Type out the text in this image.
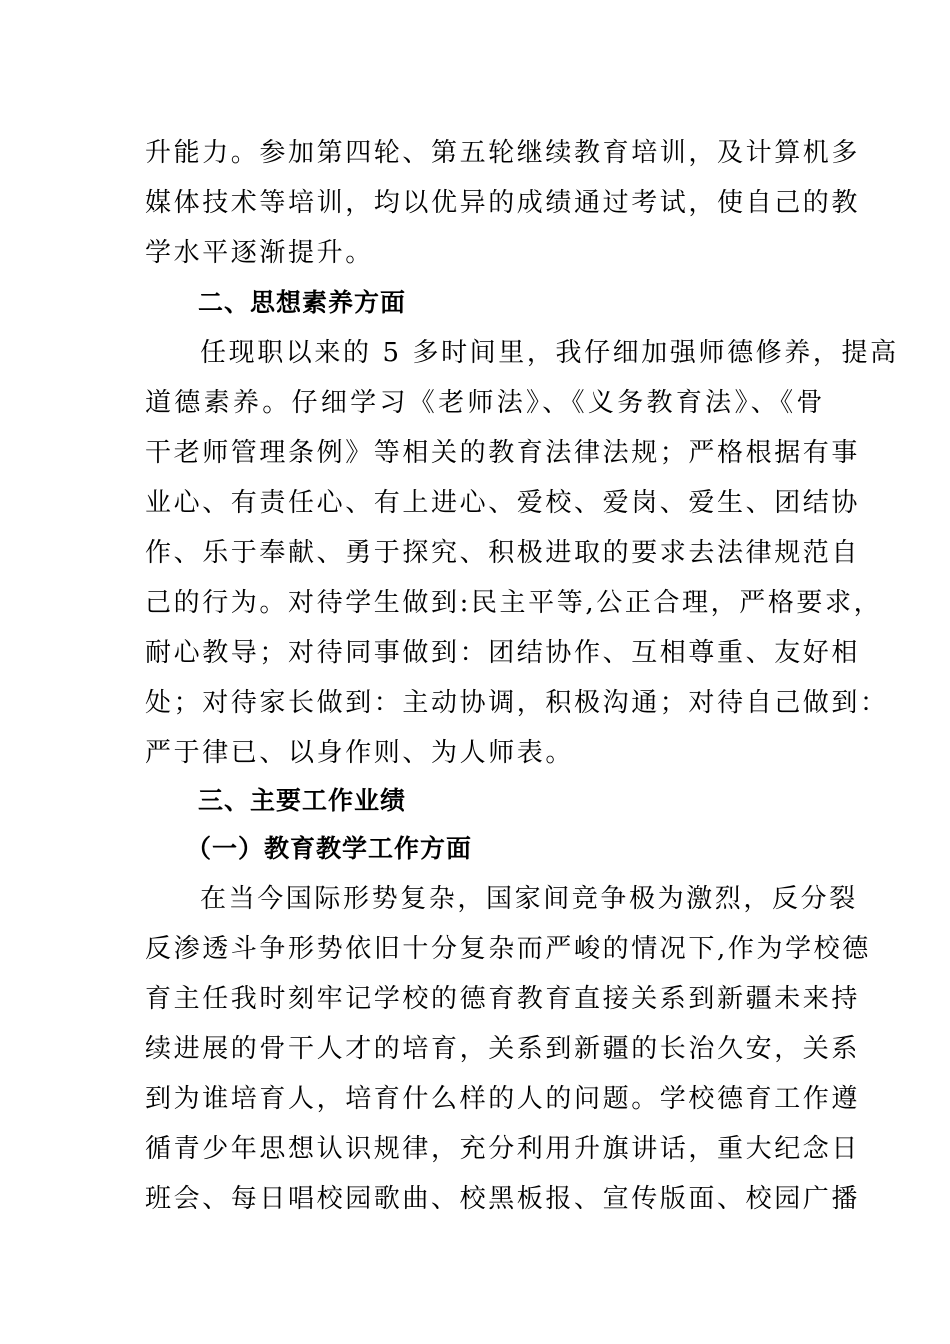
升能力。参加第四轮、第五轮继续教育培训，及计算机多
媒体技术等培训，均以优异的成绩通过考试，使自己的教
学水平逐渐提升。
二、思想素养方面
任现职以来的 5 多时间里，我仔细加强师德修养，提高
道德素养。仔细学习《老师法》、《义务教育法》、《骨
干老师管理条例》等相关的教育法律法规；严格根据有事
业心、有责任心、有上进心、爱校、爱岗、爱生、团结协
作、乐于奉献、勇于探究、积极进取的要求去法律规范自
己的行为。对待学生做到:民主平等,公正合理，严格要求，
耐心教导；对待同事做到：团结协作、互相尊重、友好相
处；对待家长做到：主动协调，积极沟通；对待自己做到：
严于律已、以身作则、为人师表。
三、主要工作业绩
（一）教育教学工作方面
在当今国际形势复杂，国家间竞争极为激烈，反分裂
反渗透斗争形势依旧十分复杂而严峻的情况下,作为学校德
育主任我时刻牢记学校的德育教育直接关系到新疆未来持
续进展的骨干人才的培育，关系到新疆的长治久安，关系
到为谁培育人，培育什么样的人的问题。学校德育工作遵
循青少年思想认识规律，充分利用升旗讲话，重大纪念日
班会、每日唱校园歌曲、校黑板报、宣传版面、校园广播
